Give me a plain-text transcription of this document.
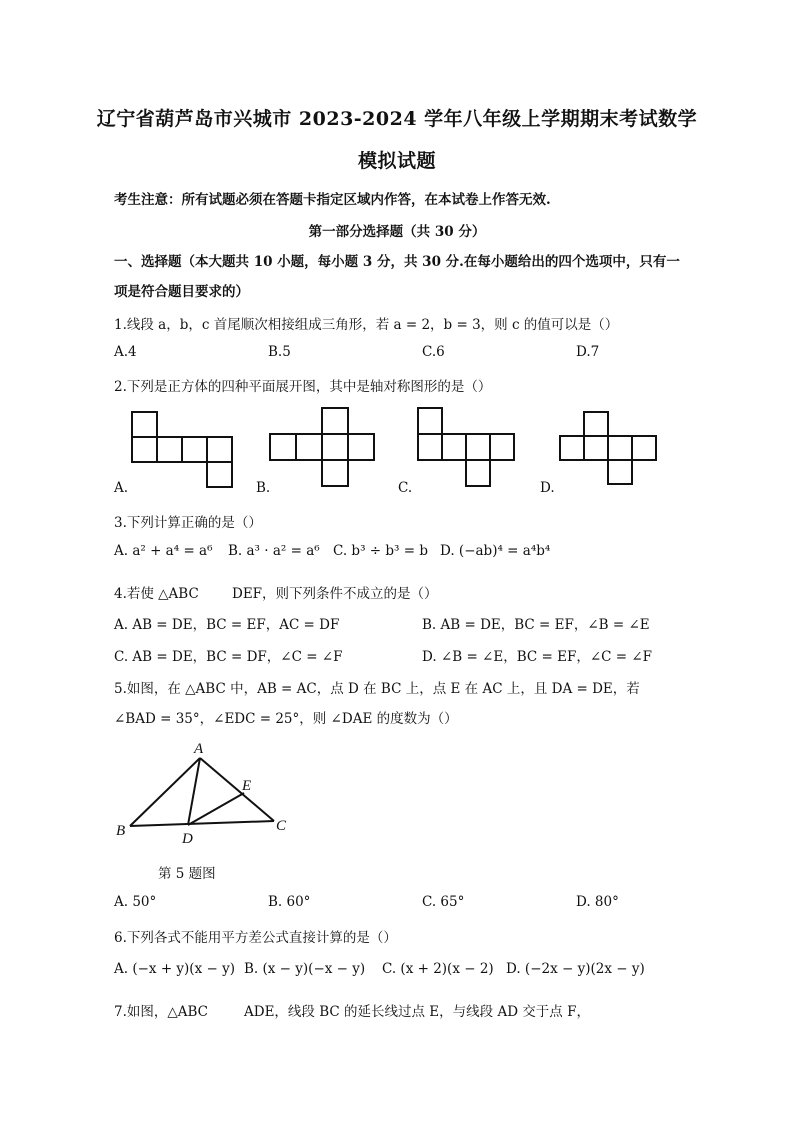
辽宁省葫芦岛市兴城市 2023-2024 学年八年级上学期期末考试数学
模拟试题
考生注意：所有试题必须在答题卡指定区域内作答，在本试卷上作答无效.
第一部分选择题（共 30 分）
一、选择题（本大题共 10 小题，每小题 3 分，共 30 分.在每小题给出的四个选项中，只有一
项是符合题目要求的）
1.线段 a，b，c 首尾顺次相接组成三角形，若 a = 2，b = 3，则 c 的值可以是（）
A.4	B.5	C.6	D.7
2.下列是正方体的四种平面展开图，其中是轴对称图形的是（）
A.	B.	C.	D.
3.下列计算正确的是（）
A. a² + a⁴ = a⁶ B. a³ · a² = a⁶ C. b³ ÷ b³ = b D. (−ab)⁴ = a⁴b⁴
4.若使 △ABC DEF，则下列条件不成立的是（）
A. AB = DE，BC = EF，AC = DF	B. AB = DE，BC = EF，∠B = ∠E
C. AB = DE，BC = DF，∠C = ∠F	D. ∠B = ∠E，BC = EF，∠C = ∠F
5.如图，在 △ABC 中，AB = AC，点 D 在 BC 上，点 E 在 AC 上，且 DA = DE，若
∠BAD = 35°，∠EDC = 25°，则 ∠DAE 的度数为（）
A
B	C
D
E
第 5 题图
A. 50°	B. 60°	C. 65°	D. 80°
6.下列各式不能用平方差公式直接计算的是（）
A. (−x + y)(x − y) B. (x − y)(−x − y) C. (x + 2)(x − 2) D. (−2x − y)(2x − y)
7.如图，△ABC	ADE，线段 BC 的延长线过点 E，与线段 AD 交于点 F，
